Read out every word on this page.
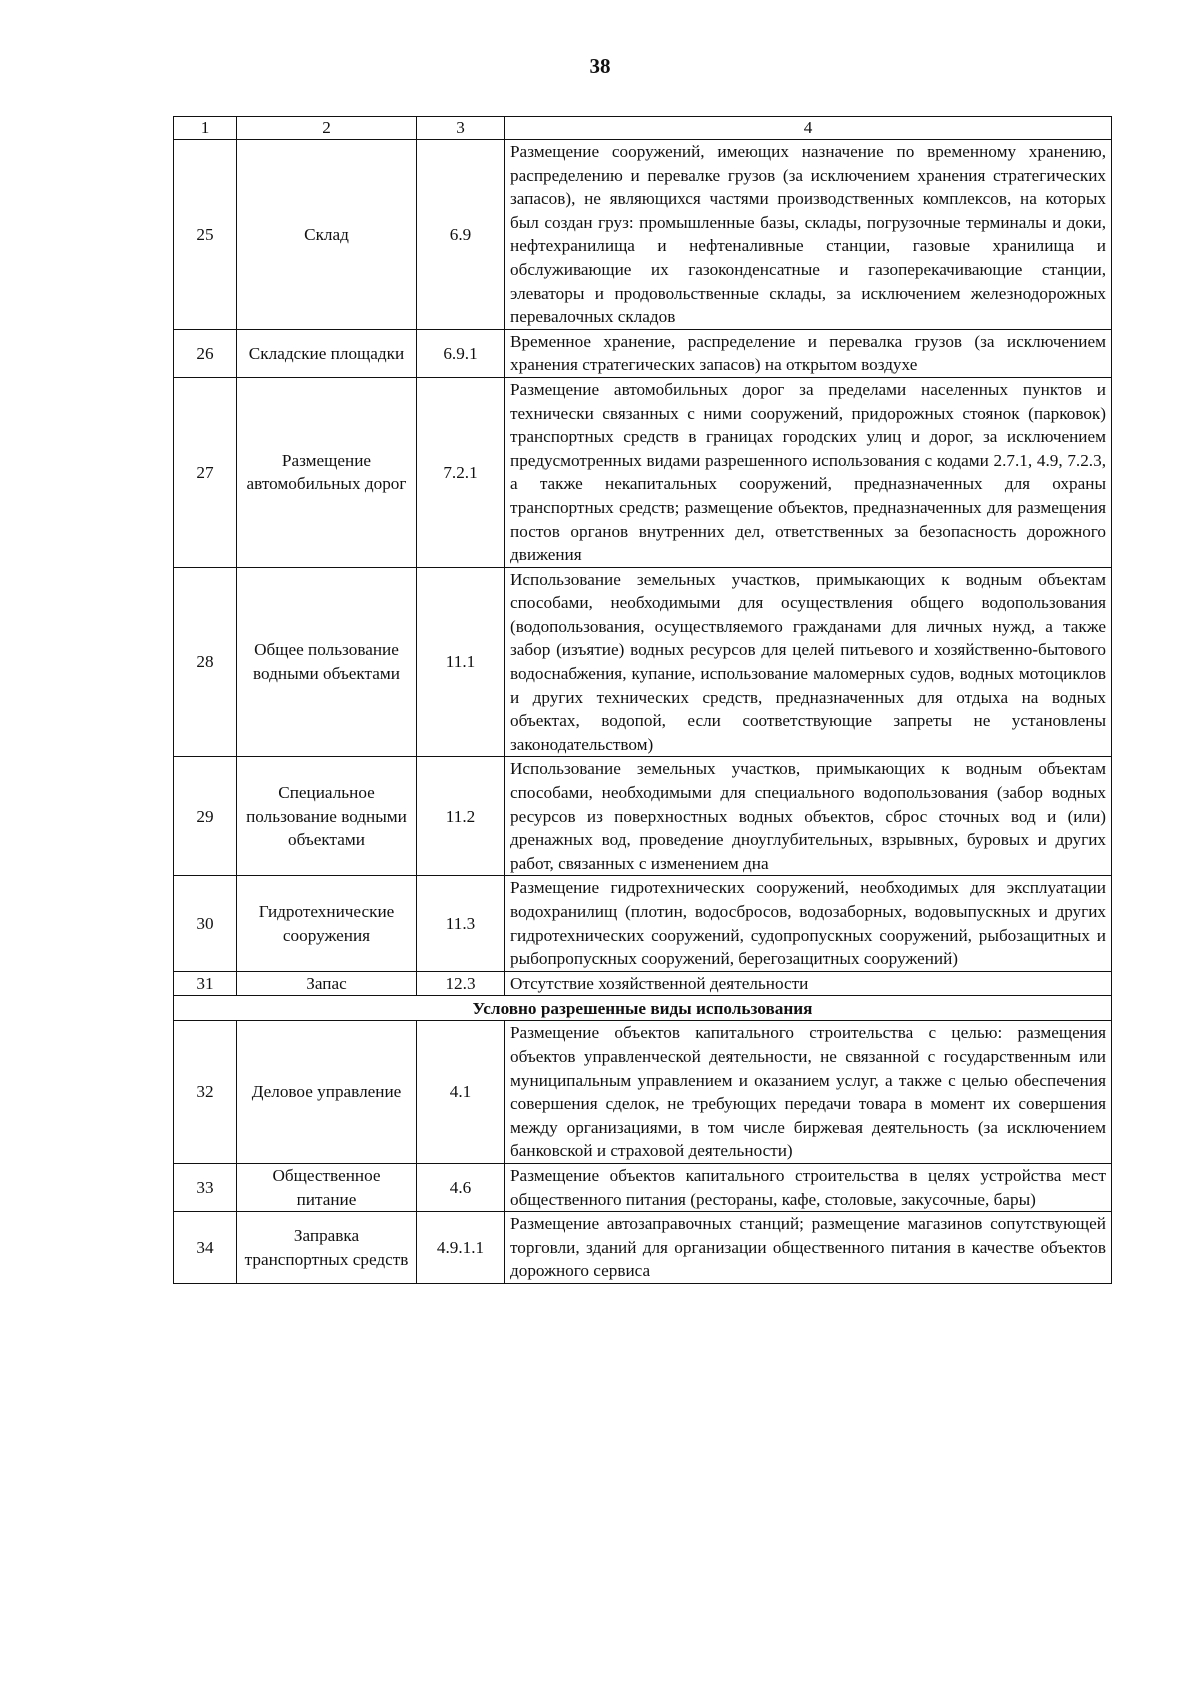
38
1	2	3	4
25	Склад	6.9	Размещение сооружений, имеющих назначение по временному хранению, распределению и перевалке грузов (за исключением хранения стратегических запасов), не являющихся частями производственных комплексов, на которых был создан груз: промышленные базы, склады, погрузочные терминалы и доки, нефтехранилища и нефтеналивные станции, газовые хранилища и обслуживающие их газоконденсатные и газоперекачивающие станции, элеваторы и продовольственные склады, за исключением железнодорожных перевалочных складов
26	Складские площадки	6.9.1	Временное хранение, распределение и перевалка грузов (за исключением хранения стратегических запасов) на открытом воздухе
27	Размещение автомобильных дорог	7.2.1	Размещение автомобильных дорог за пределами населенных пунктов и технически связанных с ними сооружений, придорожных стоянок (парковок) транспортных средств в границах городских улиц и дорог, за исключением предусмотренных видами разрешенного использования с кодами 2.7.1, 4.9, 7.2.3, а также некапитальных сооружений, предназначенных для охраны транспортных средств; размещение объектов, предназначенных для размещения постов органов внутренних дел, ответственных за безопасность дорожного движения
28	Общее пользование водными объектами	11.1	Использование земельных участков, примыкающих к водным объектам способами, необходимыми для осуществления общего водопользования (водопользования, осуществляемого гражданами для личных нужд, а также забор (изъятие) водных ресурсов для целей питьевого и хозяйственно-бытового водоснабжения, купание, использование маломерных судов, водных мотоциклов и других технических средств, предназначенных для отдыха на водных объектах, водопой, если соответствующие запреты не установлены законодательством)
29	Специальное пользование водными объектами	11.2	Использование земельных участков, примыкающих к водным объектам способами, необходимыми для специального водопользования (забор водных ресурсов из поверхностных водных объектов, сброс сточных вод и (или) дренажных вод, проведение дноуглубительных, взрывных, буровых и других работ, связанных с изменением дна
30	Гидротехнические сооружения	11.3	Размещение гидротехнических сооружений, необходимых для эксплуатации водохранилищ (плотин, водосбросов, водозаборных, водовыпускных и других гидротехнических сооружений, судопропускных сооружений, рыбозащитных и рыбопропускных сооружений, берегозащитных сооружений)
31	Запас	12.3	Отсутствие хозяйственной деятельности
Условно разрешенные виды использования			
32	Деловое управление	4.1	Размещение объектов капитального строительства с целью: размещения объектов управленческой деятельности, не связанной с государственным или муниципальным управлением и оказанием услуг, а также с целью обеспечения совершения сделок, не требующих передачи товара в момент их совершения между организациями, в том числе биржевая деятельность (за исключением банковской и страховой деятельности)
33	Общественное питание	4.6	Размещение объектов капитального строительства в целях устройства мест общественного питания (рестораны, кафе, столовые, закусочные, бары)
34	Заправка транспортных средств	4.9.1.1	Размещение автозаправочных станций; размещение магазинов сопутствующей торговли, зданий для организации общественного питания в качестве объектов дорожного сервиса
